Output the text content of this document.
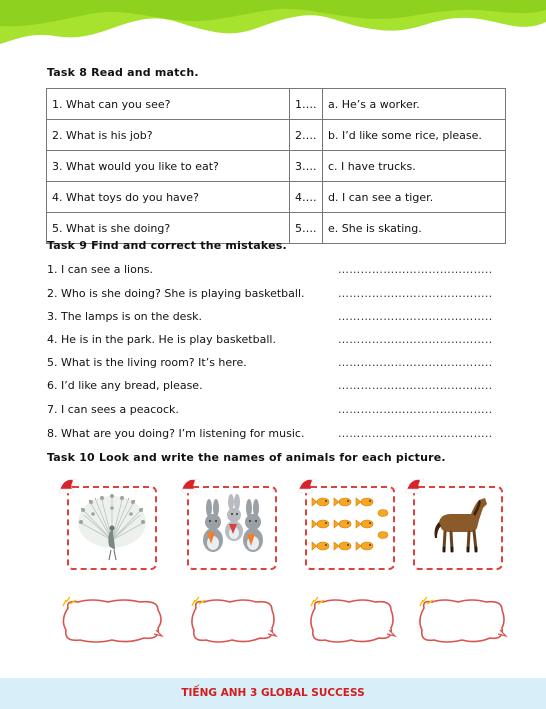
Task 8 Read and match.
1. What can you see?	1….	a. He’s a worker.
2. What is his job?	2….	b. I’d like some rice, please.
3. What would you like to eat?	3….	c. I have trucks.
4. What toys do you have?	4….	d. I can see a tiger.
5. What is she doing?	5….	e. She is skating.
Task 9 Find and correct the mistakes.
1. I can see a lions.	…………………………………..
2. Who is she doing? She is playing basketball.	…………………………………..
3. The lamps is on the desk.	…………………………………..
4. He is in the park. He is play basketball.	…………………………………..
5. What is the living room? It’s here.	…………………………………..
6. I’d like any bread, please.	…………………………………..
7. I can sees a peacock.	…………………………………..
8. What are you doing? I’m listening for music.	…………………………………..
Task 10 Look and write the names of animals for each picture.
TIẾNG ANH 3 GLOBAL SUCCESS
